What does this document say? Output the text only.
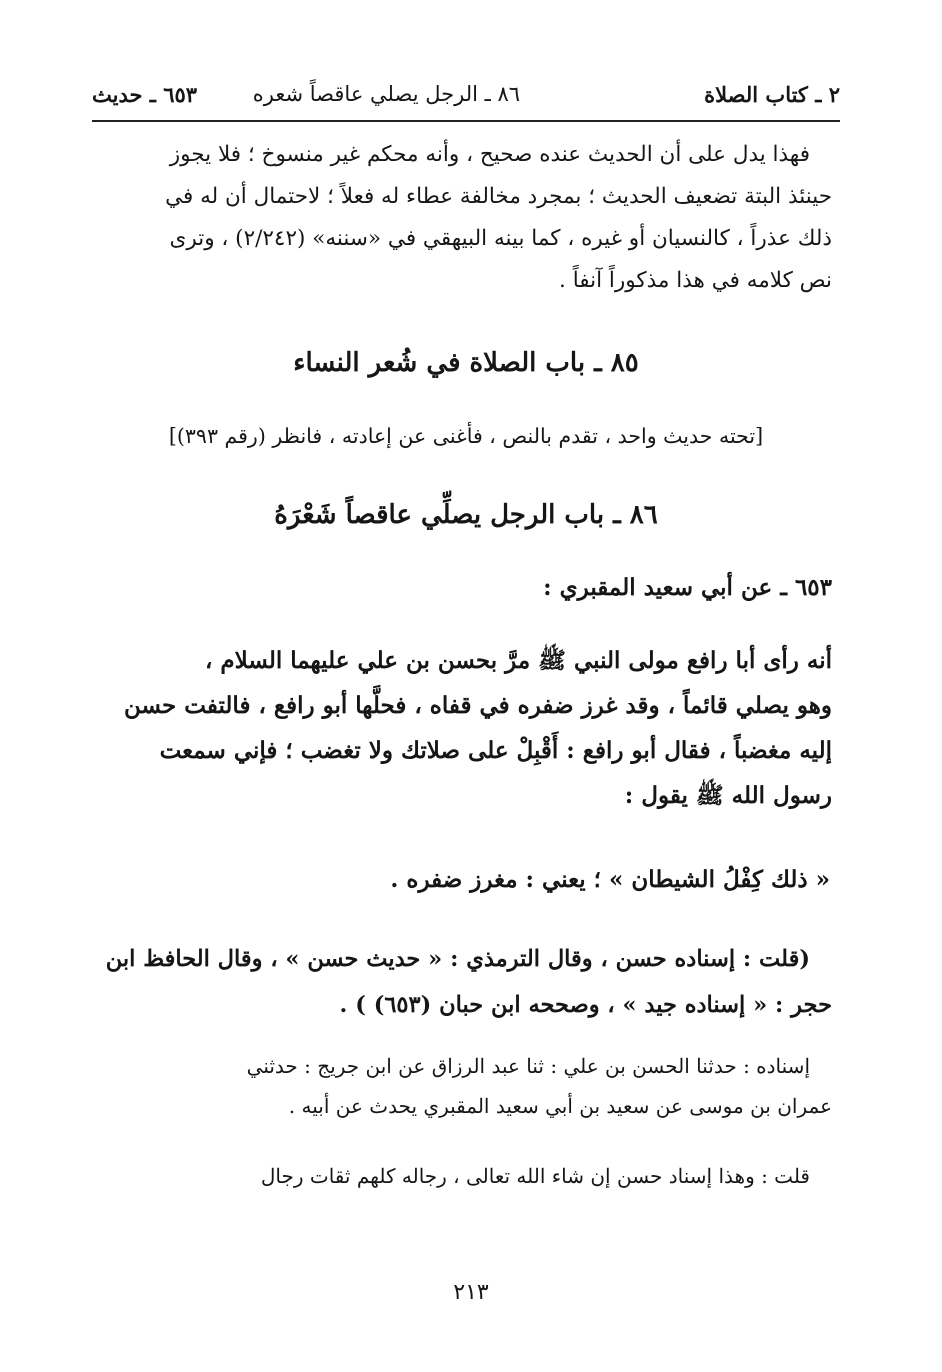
٢ ـ كتاب الصلاة
٨٦ ـ الرجل يصلي عاقصاً شعره
٦٥٣ ـ حديث
فهذا يدل على أن الحديث عنده صحيح ، وأنه محكم غير منسوخ ؛ فلا يجوز
حينئذ البتة تضعيف الحديث ؛ بمجرد مخالفة عطاء له فعلاً ؛ لاحتمال أن له في
ذلك عذراً ، كالنسيان أو غيره ، كما بينه البيهقي في «سننه» (٢/٢٤٢) ، وترى
نص كلامه في هذا مذكوراً آنفاً .
٨٥ ـ باب الصلاة في شُعر النساء
[تحته حديث واحد ، تقدم بالنص ، فأغنى عن إعادته ، فانظر (رقم ٣٩٣)]
٨٦ ـ باب الرجل يصلِّي عاقصاً شَعْرَهُ
٦٥٣ ـ عن أبي سعيد المقبري :
أنه رأى أبا رافع مولى النبي ﷺ مرَّ بحسن بن علي عليهما السلام ،
وهو يصلي قائماً ، وقد غرز ضفره في قفاه ، فحلَّها أبو رافع ، فالتفت حسن
إليه مغضباً ، فقال أبو رافع : أَقْبِلْ على صلاتك ولا تغضب ؛ فإني سمعت
رسول الله ﷺ يقول :
« ذلك كِفْلُ الشيطان » ؛ يعني : مغرز ضفره .
(قلت : إسناده حسن ، وقال الترمذي : « حديث حسن » ، وقال الحافظ ابن
حجر : « إسناده جيد » ، وصححه ابن حبان (٦٥٣) ) .
إسناده : حدثنا الحسن بن علي : ثنا عبد الرزاق عن ابن جريج : حدثني
عمران بن موسى عن سعيد بن أبي سعيد المقبري يحدث عن أبيه .
قلت : وهذا إسناد حسن إن شاء الله تعالى ، رجاله كلهم ثقات رجال
٢١٣
